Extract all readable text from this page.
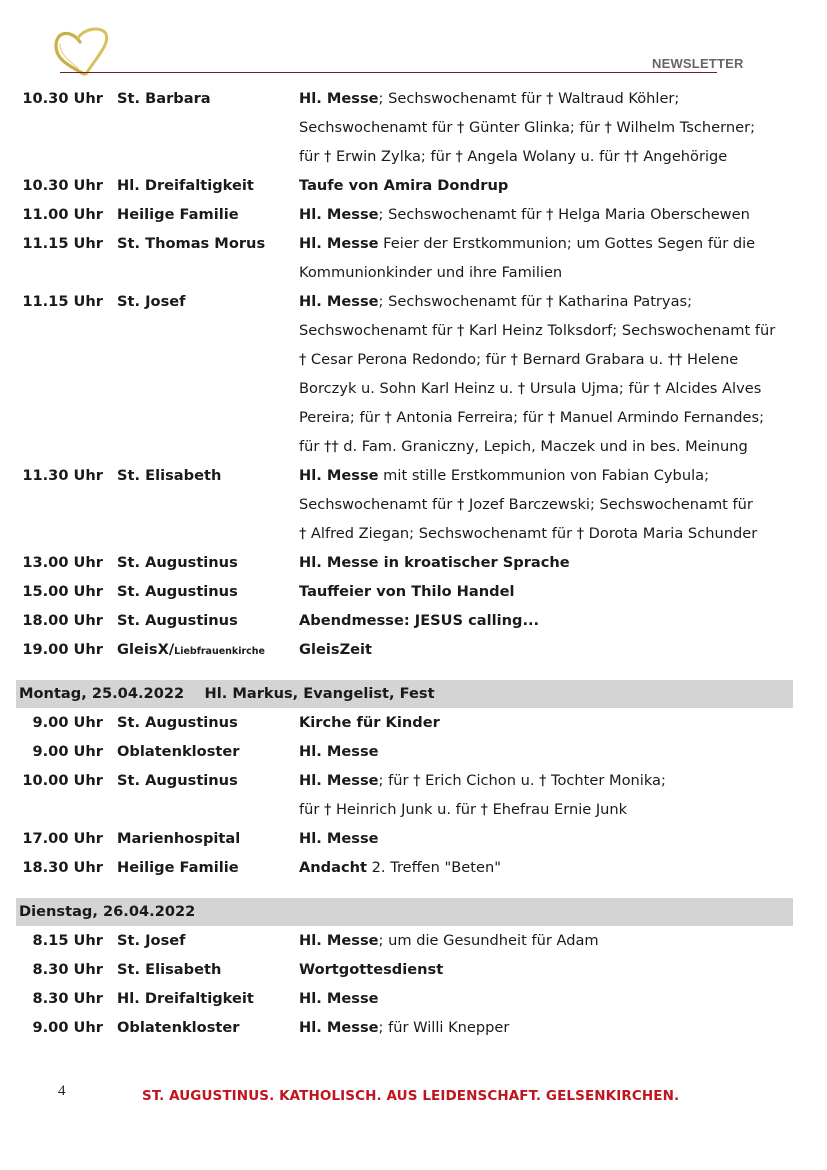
NEWSLETTER
10.30 Uhr St. Barbara	Hl. Messe; Sechswochenamt für † Waltraud Köhler;
Sechswochenamt für † Günter Glinka; für † Wilhelm Tscherner;
für † Erwin Zylka; für † Angela Wolany u. für †† Angehörige
10.30 Uhr Hl. Dreifaltigkeit	Taufe von Amira Dondrup
11.00 Uhr Heilige Familie	Hl. Messe; Sechswochenamt für † Helga Maria Oberschewen
11.15 Uhr St. Thomas Morus	Hl. Messe Feier der Erstkommunion; um Gottes Segen für die
Kommunionkinder und ihre Familien
11.15 Uhr St. Josef	Hl. Messe; Sechswochenamt für † Katharina Patryas;
Sechswochenamt für † Karl Heinz Tolksdorf; Sechswochenamt für
† Cesar Perona Redondo; für † Bernard Grabara u. †† Helene
Borczyk u. Sohn Karl Heinz u. † Ursula Ujma; für † Alcides Alves
Pereira; für † Antonia Ferreira; für † Manuel Armindo Fernandes;
für †† d. Fam. Graniczny, Lepich, Maczek und in bes. Meinung
11.30 Uhr St. Elisabeth	Hl. Messe mit stille Erstkommunion von Fabian Cybula;
Sechswochenamt für † Jozef Barczewski; Sechswochenamt für
† Alfred Ziegan; Sechswochenamt für † Dorota Maria Schunder
13.00 Uhr St. Augustinus	Hl. Messe in kroatischer Sprache
15.00 Uhr St. Augustinus	Tauffeier von Thilo Handel
18.00 Uhr St. Augustinus	Abendmesse: JESUS calling...
19.00 Uhr GleisX/Liebfrauenkirche	GleisZeit
Montag, 25.04.2022    Hl. Markus, Evangelist, Fest
9.00 Uhr St. Augustinus	Kirche für Kinder
9.00 Uhr Oblatenkloster	Hl. Messe
10.00 Uhr St. Augustinus	Hl. Messe; für † Erich Cichon u. † Tochter Monika;
für † Heinrich Junk u. für † Ehefrau Ernie Junk
17.00 Uhr Marienhospital	Hl. Messe
18.30 Uhr Heilige Familie	Andacht 2. Treffen "Beten"
Dienstag, 26.04.2022
8.15 Uhr St. Josef	Hl. Messe; um die Gesundheit für Adam
8.30 Uhr St. Elisabeth	Wortgottesdienst
8.30 Uhr Hl. Dreifaltigkeit	Hl. Messe
9.00 Uhr Oblatenkloster	Hl. Messe; für Willi Knepper
4	ST. AUGUSTINUS. KATHOLISCH. AUS LEIDENSCHAFT. GELSENKIRCHEN.
